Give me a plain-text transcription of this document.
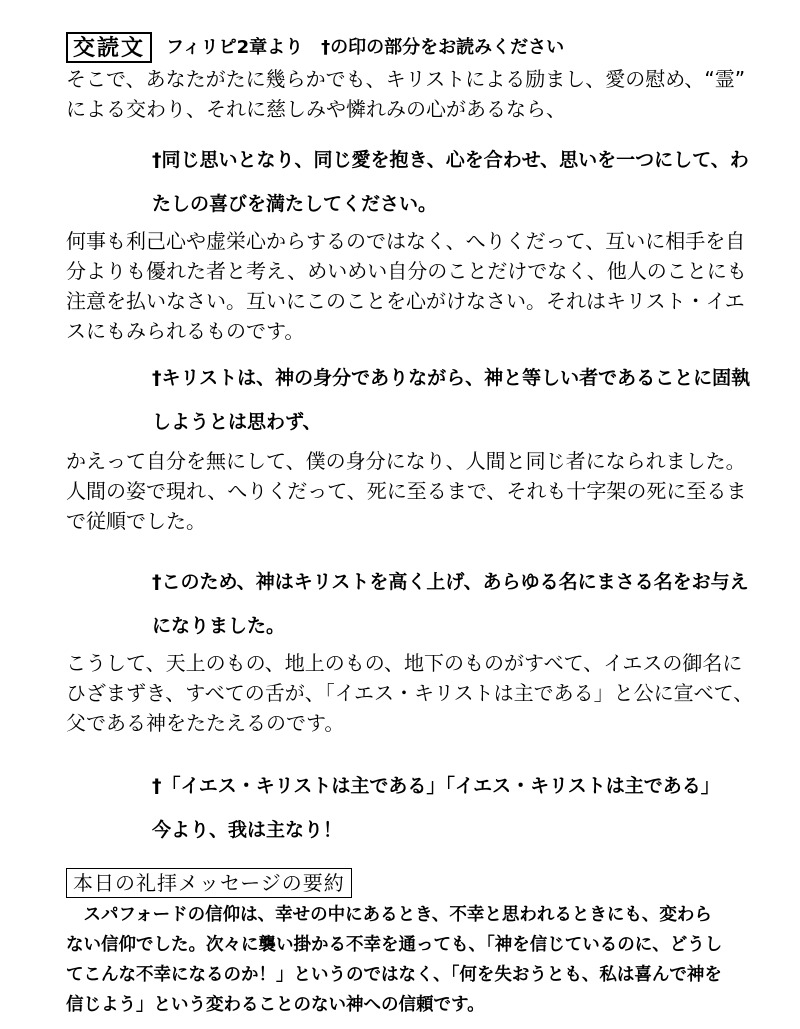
交読文	フィリピ2章より　†の印の部分をお読みください
そこで、あなたがたに幾らかでも、キリストによる励まし、愛の慰め、“霊”
による交わり、それに慈しみや憐れみの心があるなら、
†同じ思いとなり、同じ愛を抱き、心を合わせ、思いを一つにして、わ
たしの喜びを満たしてください。
何事も利己心や虚栄心からするのではなく、へりくだって、互いに相手を自
分よりも優れた者と考え、めいめい自分のことだけでなく、他人のことにも
注意を払いなさい。互いにこのことを心がけなさい。それはキリスト・イエ
スにもみられるものです。
†キリストは、神の身分でありながら、神と等しい者であることに固執
しようとは思わず、
かえって自分を無にして、僕の身分になり、人間と同じ者になられました。
人間の姿で現れ、へりくだって、死に至るまで、それも十字架の死に至るま
で従順でした。
†このため、神はキリストを高く上げ、あらゆる名にまさる名をお与え
になりました。
こうして、天上のもの、地上のもの、地下のものがすべて、イエスの御名に
ひざまずき、すべての舌が、「イエス・キリストは主である」と公に宣べて、
父である神をたたえるのです。
†「イエス・キリストは主である」「イエス・キリストは主である」
今より、我は主なり！
本日の礼拝メッセージの要約
　スパフォードの信仰は、幸せの中にあるとき、不幸と思われるときにも、変わら
ない信仰でした。次々に襲い掛かる不幸を通っても、「神を信じているのに、どうし
てこんな不幸になるのか！」というのではなく、「何を失おうとも、私は喜んで神を
信じよう」という変わることのない神への信頼です。
